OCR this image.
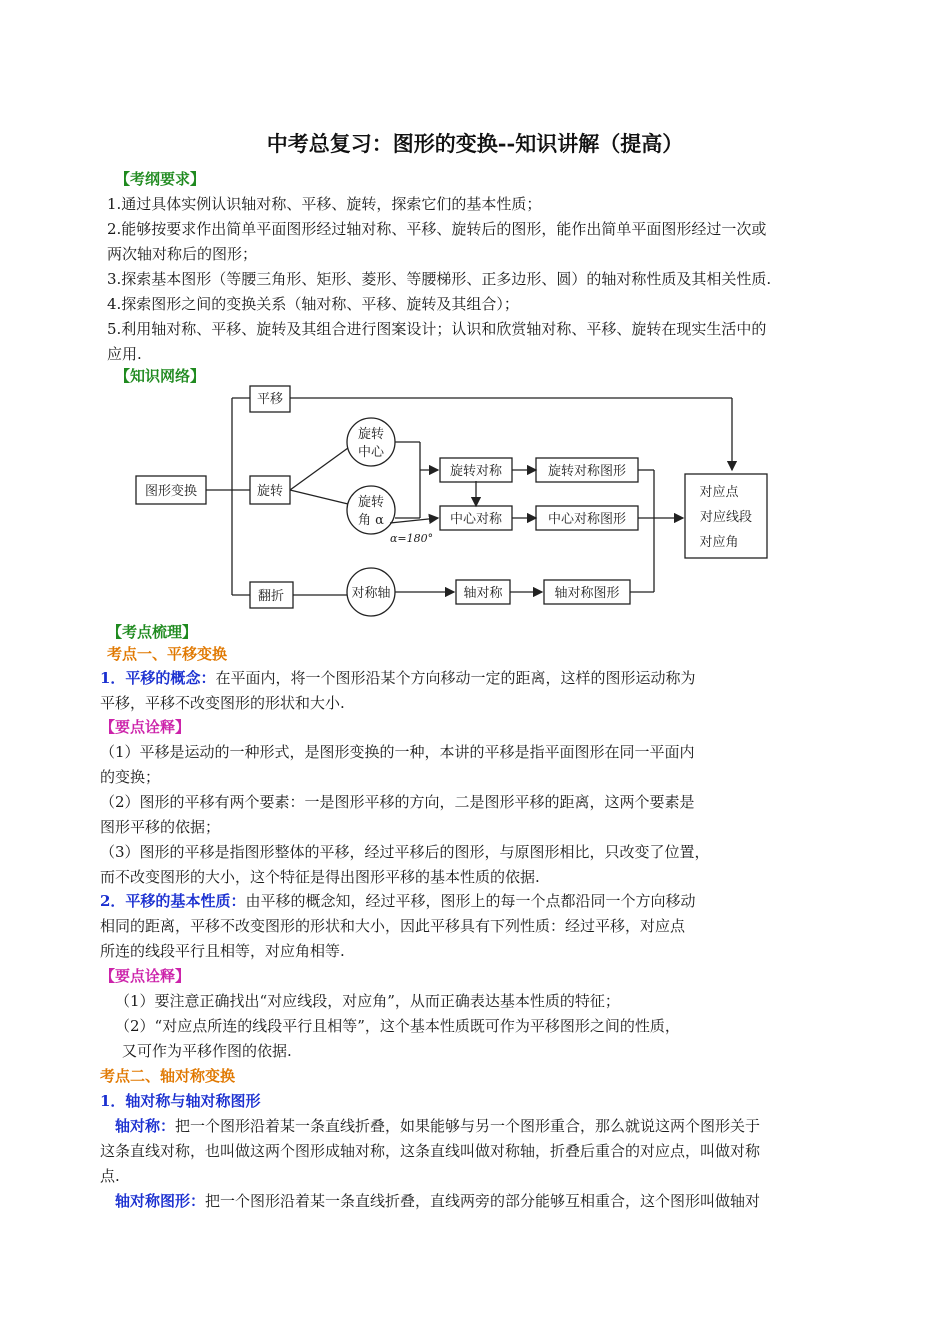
中考总复习：图形的变换--知识讲解（提高）
【考纲要求】
1.通过具体实例认识轴对称、平移、旋转，探索它们的基本性质；
2.能够按要求作出简单平面图形经过轴对称、平移、旋转后的图形，能作出简单平面图形经过一次或
两次轴对称后的图形；
3.探索基本图形（等腰三角形、矩形、菱形、等腰梯形、正多边形、圆）的轴对称性质及其相关性质.
4.探索图形之间的变换关系（轴对称、平移、旋转及其组合）；
5.利用轴对称、平移、旋转及其组合进行图案设计；认识和欣赏轴对称、平移、旋转在现实生活中的
应用.
【知识网络】
图形变换
平移
旋转
翻折
旋转
中心
旋转
角 α
对称轴
旋转对称
中心对称
旋转对称图形
中心对称图形
轴对称	轴对称图形
对应点
对应线段
对应角
α=180°
【考点梳理】
考点一、平移变换
1．平移的概念：在平面内，将一个图形沿某个方向移动一定的距离，这样的图形运动称为
平移，平移不改变图形的形状和大小.
【要点诠释】
（1）平移是运动的一种形式，是图形变换的一种，本讲的平移是指平面图形在同一平面内
的变换；
（2）图形的平移有两个要素：一是图形平移的方向，二是图形平移的距离，这两个要素是
图形平移的依据；
（3）图形的平移是指图形整体的平移，经过平移后的图形，与原图形相比，只改变了位置，
而不改变图形的大小，这个特征是得出图形平移的基本性质的依据.
2．平移的基本性质：由平移的概念知，经过平移，图形上的每一个点都沿同一个方向移动
相同的距离，平移不改变图形的形状和大小，因此平移具有下列性质：经过平移，对应点
所连的线段平行且相等，对应角相等.
【要点诠释】
（1）要注意正确找出“对应线段，对应角”，从而正确表达基本性质的特征；
（2）“对应点所连的线段平行且相等”，这个基本性质既可作为平移图形之间的性质，
又可作为平移作图的依据.
考点二、轴对称变换
1．轴对称与轴对称图形
轴对称：把一个图形沿着某一条直线折叠，如果能够与另一个图形重合，那么就说这两个图形关于
这条直线对称，也叫做这两个图形成轴对称，这条直线叫做对称轴，折叠后重合的对应点，叫做对称
点.
轴对称图形：把一个图形沿着某一条直线折叠，直线两旁的部分能够互相重合，这个图形叫做轴对
